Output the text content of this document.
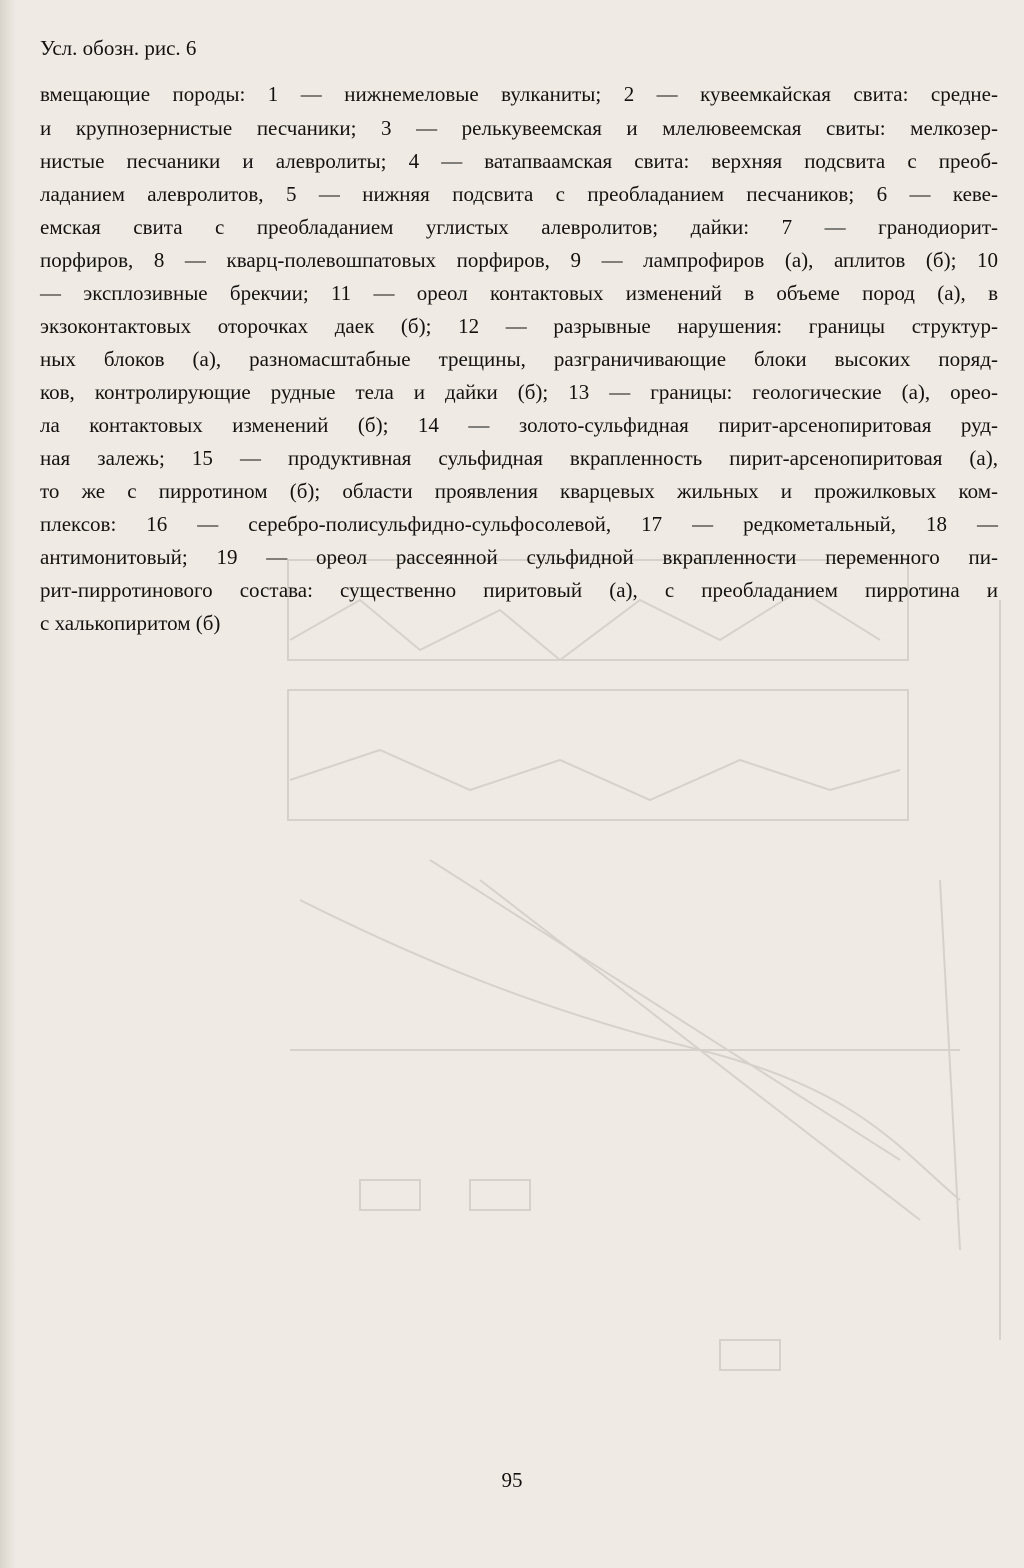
Усл. обозн. рис. 6
вмещающие породы: 1 — нижнемеловые вулканиты; 2 — кувеемкайская свита: средне-
и крупнозернистые песчаники; 3 — релькувеемская и млелювеемская свиты: мелкозер-
нистые песчаники и алевролиты; 4 — ватапваамская свита: верхняя подсвита с преоб-
ладанием алевролитов, 5 — нижняя подсвита с преобладанием песчаников; 6 — кеве-
емская свита с преобладанием углистых алевролитов; дайки: 7 — гранодиорит-
порфиров, 8 — кварц-полевошпатовых порфиров, 9 — лампрофиров (а), аплитов (б); 10
— эксплозивные брекчии; 11 — ореол контактовых изменений в объеме пород (а), в
экзоконтактовых оторочках даек (б); 12 — разрывные нарушения: границы структур-
ных блоков (а), разномасштабные трещины, разграничивающие блоки высоких поряд-
ков, контролирующие рудные тела и дайки (б); 13 — границы: геологические (а), орео-
ла контактовых изменений (б); 14 — золото-сульфидная пирит-арсенопиритовая руд-
ная залежь; 15 — продуктивная сульфидная вкрапленность пирит-арсенопиритовая (а),
то же с пирротином (б); области проявления кварцевых жильных и прожилковых ком-
плексов: 16 — серебро-полисульфидно-сульфосолевой, 17 — редкометальный, 18 —
антимонитовый; 19 — ореол рассеянной сульфидной вкрапленности переменного пи-
рит-пирротинового состава: существенно пиритовый (а), с преобладанием пирротина и
с халькопиритом (б)
95
